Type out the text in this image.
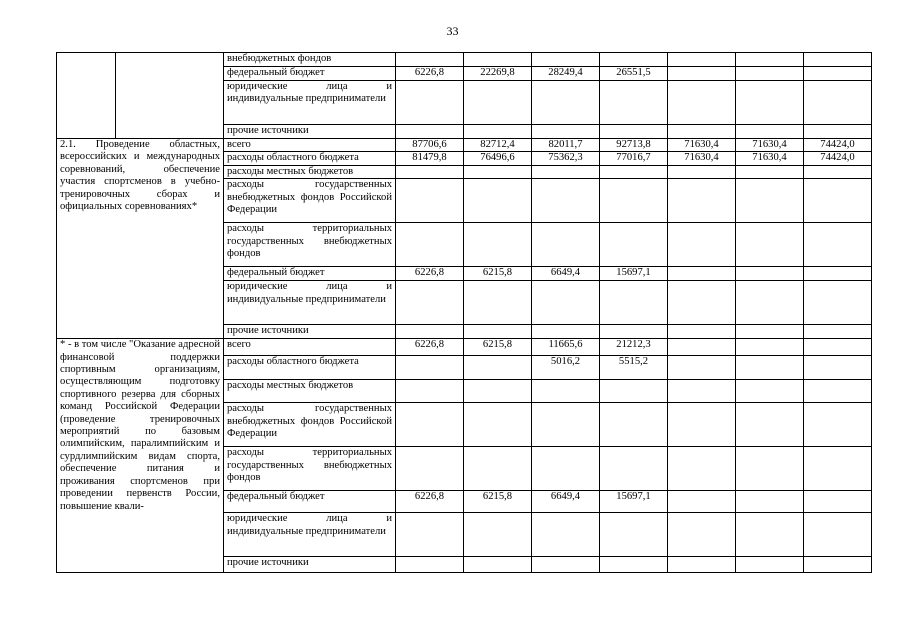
33
		внебюджетных фондов							
		федеральный бюджет	6226,8	22269,8	28249,4	26551,5			
		юридические лица и индивидуальные предприниматели							
		прочие источники							
2.1. Проведение областных, всероссийских и международных соревнований, обеспечение участия спортсменов в учебно-тренировочных сборах и официальных соревнованиях*		всего	87706,6	82712,4	82011,7	92713,8	71630,4	71630,4	74424,0
		расходы областного бюджета	81479,8	76496,6	75362,3	77016,7	71630,4	71630,4	74424,0
		расходы местных бюджетов							
		расходы государственных внебюджетных фондов Российской Федерации							
		расходы территориальных государственных внебюджетных фондов							
		федеральный бюджет	6226,8	6215,8	6649,4	15697,1			
		юридические лица и индивидуальные предприниматели							
		прочие источники							
* - в том числе "Оказание адресной финансовой поддержки спортивным организациям, осуществляющим подготовку спортивного резерва для сборных команд Российской Федерации (проведение тренировочных мероприятий по базовым олимпийским, паралимпийским и сурдлимпийским видам спорта, обеспечение питания и проживания спортсменов при проведении первенств России, повышение квали-		всего	6226,8	6215,8	11665,6	21212,3			
		расходы областного бюджета			5016,2	5515,2			
		расходы местных бюджетов							
		расходы государственных внебюджетных фондов Российской Федерации							
		расходы территориальных государственных внебюджетных фондов							
		федеральный бюджет	6226,8	6215,8	6649,4	15697,1			
		юридические лица и индивидуальные предприниматели							
		прочие источники							
